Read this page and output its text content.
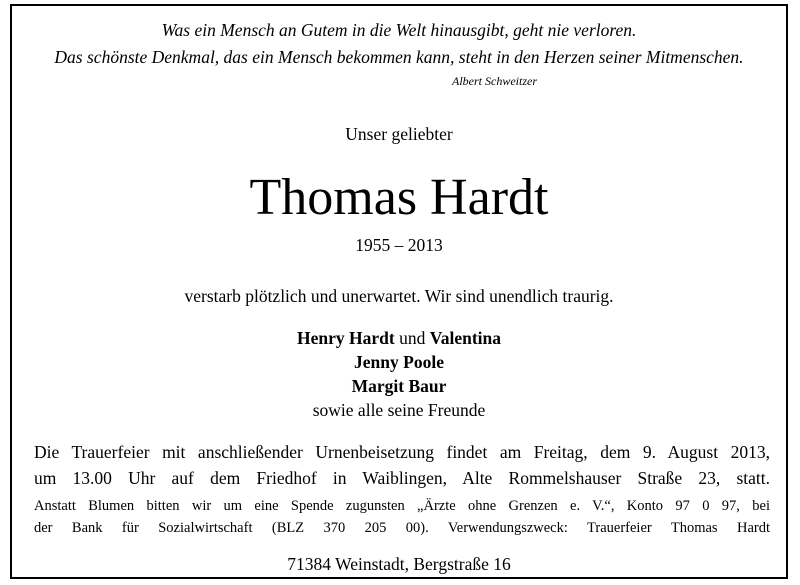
Was ein Mensch an Gutem in die Welt hinausgibt, geht nie verloren.
Das schönste Denkmal, das ein Mensch bekommen kann, steht in den Herzen seiner Mitmenschen.
Albert Schweitzer
Unser geliebter
Thomas Hardt
1955 – 2013
verstarb plötzlich und unerwartet. Wir sind unendlich traurig.
Henry Hardt und Valentina
Jenny Poole
Margit Baur
sowie alle seine Freunde
Die Trauerfeier mit anschließender Urnenbeisetzung findet am Freitag, dem 9. August 2013,
um 13.00 Uhr auf dem Friedhof in Waiblingen, Alte Rommelshauser Straße 23, statt.
Anstatt Blumen bitten wir um eine Spende zugunsten „Ärzte ohne Grenzen e. V.“, Konto 97 0 97, bei
der Bank für Sozialwirtschaft (BLZ 370 205 00). Verwendungszweck: Trauerfeier Thomas Hardt
71384 Weinstadt, Bergstraße 16
